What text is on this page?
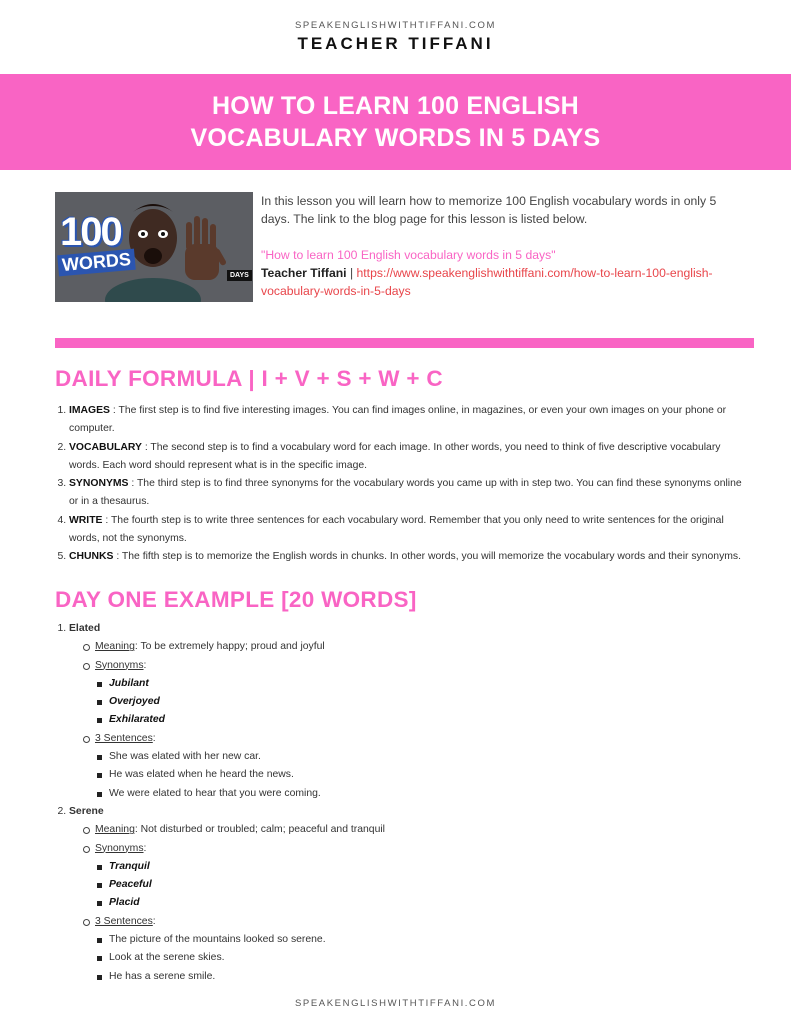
SPEAKENGLISHWITHTIFFANI.COM
TEACHER TIFFANI
HOW TO LEARN 100 ENGLISH
VOCABULARY WORDS IN 5 DAYS
100
WORDS
DAYS

In this lesson you will learn how to memorize 100 English vocabulary words in only 5 days. The link to the blog page for this lesson is listed below.

"How to learn 100 English vocabulary words in 5 days"

Teacher Tiffani | https://www.speakenglishwithtiffani.com/how-to-learn-100-english-vocabulary-words-in-5-days

DAILY FORMULA | I + V + S + W + C
1. IMAGES : The first step is to find five interesting images. You can find images online, in magazines, or even your own images on your phone or computer.
2. VOCABULARY : The second step is to find a vocabulary word for each image. In other words, you need to think of five descriptive vocabulary words. Each word should represent what is in the specific image.
3. SYNONYMS : The third step is to find three synonyms for the vocabulary words you came up with in step two. You can find these synonyms online or in a thesaurus.
4. WRITE : The fourth step is to write three sentences for each vocabulary word. Remember that you only need to write sentences for the original words, not the synonyms.
5. CHUNKS : The fifth step is to memorize the English words in chunks. In other words, you will memorize the vocabulary words and their synonyms.
DAY ONE EXAMPLE [20 WORDS]
1. Elated
Meaning: To be extremely happy; proud and joyful
Synonyms:
Jubilant
Overjoyed
Exhilarated
3 Sentences:
She was elated with her new car.
He was elated when he heard the news.
We were elated to hear that you were coming.
2. Serene
Meaning: Not disturbed or troubled; calm; peaceful and tranquil
Synonyms:
Tranquil
Peaceful
Placid
3 Sentences:
The picture of the mountains looked so serene.
Look at the serene skies.
He has a serene smile.
SPEAKENGLISHWITHTIFFANI.COM
